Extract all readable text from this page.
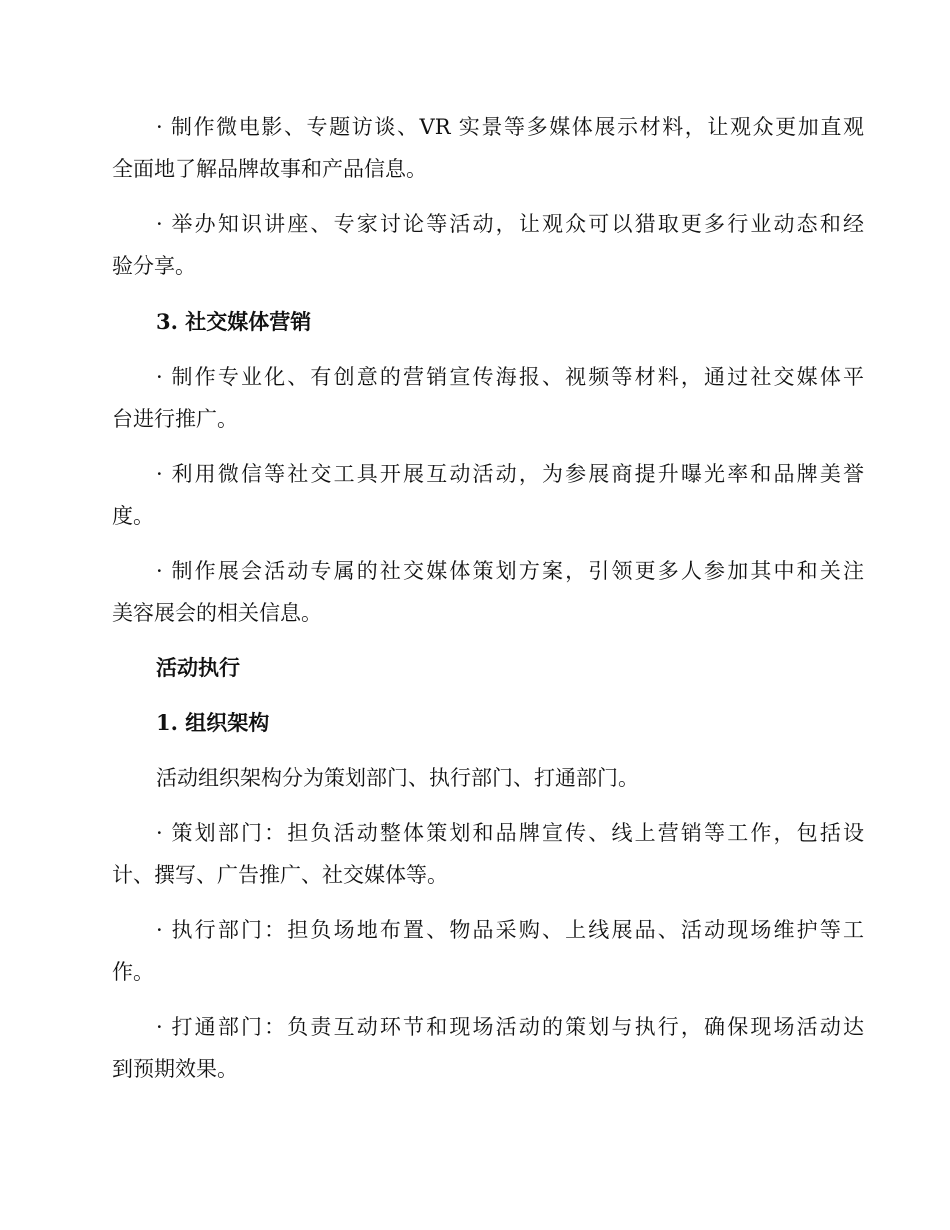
· 制作微电影、专题访谈、VR 实景等多媒体展示材料，让观众更加直观

全面地了解品牌故事和产品信息。

· 举办知识讲座、专家讨论等活动，让观众可以猎取更多行业动态和经

验分享。

3. 社交媒体营销

· 制作专业化、有创意的营销宣传海报、视频等材料，通过社交媒体平

台进行推广。

· 利用微信等社交工具开展互动活动，为参展商提升曝光率和品牌美誉

度。

· 制作展会活动专属的社交媒体策划方案，引领更多人参加其中和关注

美容展会的相关信息。

活动执行

1. 组织架构

活动组织架构分为策划部门、执行部门、打通部门。

· 策划部门：担负活动整体策划和品牌宣传、线上营销等工作，包括设

计、撰写、广告推广、社交媒体等。

· 执行部门：担负场地布置、物品采购、上线展品、活动现场维护等工

作。

· 打通部门：负责互动环节和现场活动的策划与执行，确保现场活动达

到预期效果。
